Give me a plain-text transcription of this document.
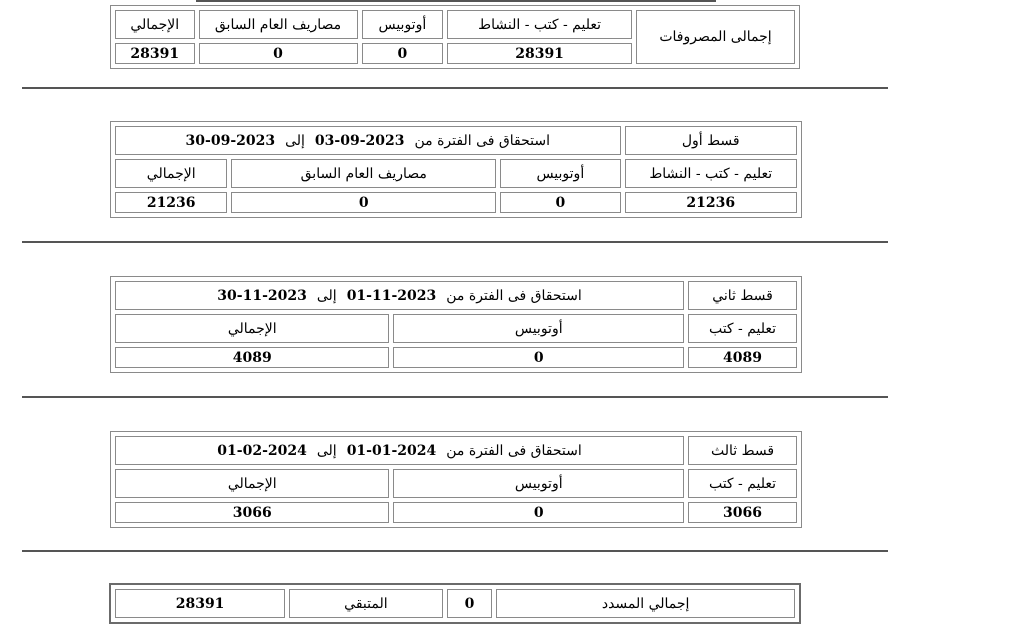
إجمالى المصروفات	تعليم - كتب - النشاط	أوتوبيس	مصاريف العام السابق	الإجمالي
	28391	0	0	28391
قسط أول	استحقاق فى الفترة من2023-09-03إلى2023-09-30		
تعليم - كتب - النشاط	أوتوبيس	مصاريف العام السابق	الإجمالي
21236	0	0	21236
قسط ثاني	استحقاق فى الفترة من2023-11-01إلى2023-11-30	
تعليم - كتب	أوتوبيس	الإجمالي
4089	0	4089
قسط ثالث	استحقاق فى الفترة من2024-01-01إلى2024-02-01	
تعليم - كتب	أوتوبيس	الإجمالي
3066	0	3066
إجمالي المسدد	0	المتبقي	28391
